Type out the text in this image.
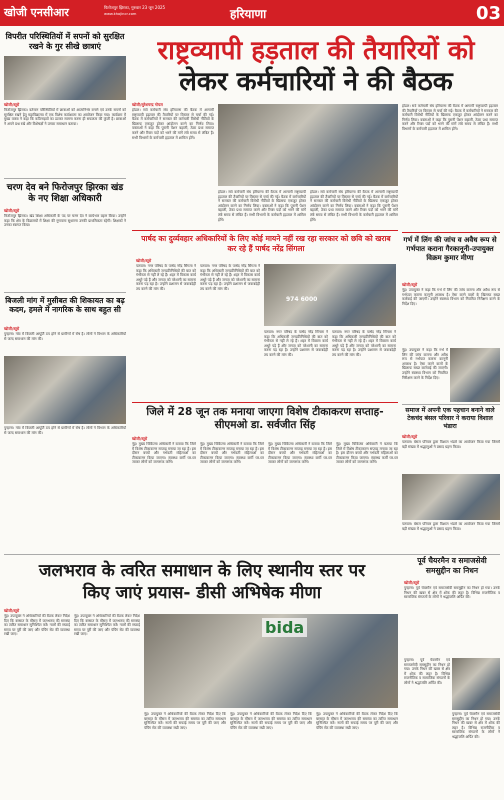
खोजी एनसीआर	फिरोजपुर झिरका, गुरुवार 23 जून 2025
www.khojincr.com	हरियाणा	03
विपरीत परिस्थितियों में सपनों को सुरक्षित रखने के गुर सीखे छात्राएं
खोजी/ब्यूरो
फिरोजपुर झिरका। वर्तमान परिस्थितियों में छात्राओं को आत्मनिर्भर बनाने एवं उनके सपनों को सुरक्षित रखने हेतु महाविद्यालय में एक विशेष कार्यशाला का आयोजन किया गया। कार्यक्रम में मुख्य वक्ता ने कहा कि कठिनाइयों का डटकर सामना करना ही सफलता की कुंजी है। छात्राओं ने अपने प्रश्न रखे और विशेषज्ञों ने उनका समाधान बताया।
चरण देव बने फिरोजपुर झिरका खंड के नए शिक्षा अधिकारी
खोजी/ब्यूरो
फिरोजपुर झिरका। खंड शिक्षा अधिकारी के पद पर चरण देव ने कार्यभार ग्रहण किया। उन्होंने कहा कि क्षेत्र के विद्यालयों में शिक्षा की गुणवत्ता सुधारना उनकी प्राथमिकता रहेगी। शिक्षकों ने उनका स्वागत किया।
बिजली मांग में मुसीबत की शिकायत का बढ़ कदम, हमले में नागरिक के साथ बहुत सी
खोजी/ब्यूरो
पुन्हाना। गांव में बिजली आपूर्ति ठप होने से ग्रामीणों में रोष है। लोगों ने विभाग के अधिकारियों से जल्द समाधान की मांग की।
पुन्हाना। गांव में बिजली आपूर्ति ठप होने से ग्रामीणों में रोष है। लोगों ने विभाग के अधिकारियों से जल्द समाधान की मांग की।
राष्ट्रव्यापी हड़ताल की तैयारियों को
लेकर कर्मचारियों ने की बैठक
खोजी/सुरेशचन्द्र गोयल
होडल। सर्व कर्मचारी संघ हरियाणा की बैठक में आगामी राष्ट्रव्यापी हड़ताल की तैयारियों पर विस्तार से चर्चा की गई। बैठक में कर्मचारियों ने सरकार की कर्मचारी विरोधी नीतियों के खिलाफ एकजुट होकर आंदोलन करने का निर्णय लिया। वक्ताओं ने कहा कि पुरानी पेंशन बहाली, ठेका प्रथा समाप्त करने और रिक्त पदों को भरने की मांगें लंबे समय से लंबित हैं। सभी विभागों के कर्मचारी हड़ताल में शामिल होंगे।
होडल। सर्व कर्मचारी संघ हरियाणा की बैठक में आगामी राष्ट्रव्यापी हड़ताल की तैयारियों पर विस्तार से चर्चा की गई। बैठक में कर्मचारियों ने सरकार की कर्मचारी विरोधी नीतियों के खिलाफ एकजुट होकर आंदोलन करने का निर्णय लिया। वक्ताओं ने कहा कि पुरानी पेंशन बहाली, ठेका प्रथा समाप्त करने और रिक्त पदों को भरने की मांगें लंबे समय से लंबित हैं। सभी विभागों के कर्मचारी हड़ताल में शामिल होंगे।
होडल। सर्व कर्मचारी संघ हरियाणा की बैठक में आगामी राष्ट्रव्यापी हड़ताल की तैयारियों पर विस्तार से चर्चा की गई। बैठक में कर्मचारियों ने सरकार की कर्मचारी विरोधी नीतियों के खिलाफ एकजुट होकर आंदोलन करने का निर्णय लिया। वक्ताओं ने कहा कि पुरानी पेंशन बहाली, ठेका प्रथा समाप्त करने और रिक्त पदों को भरने की मांगें लंबे समय से लंबित हैं। सभी विभागों के कर्मचारी हड़ताल में शामिल होंगे।
होडल। सर्व कर्मचारी संघ हरियाणा की बैठक में आगामी राष्ट्रव्यापी हड़ताल की तैयारियों पर विस्तार से चर्चा की गई। बैठक में कर्मचारियों ने सरकार की कर्मचारी विरोधी नीतियों के खिलाफ एकजुट होकर आंदोलन करने का निर्णय लिया। वक्ताओं ने कहा कि पुरानी पेंशन बहाली, ठेका प्रथा समाप्त करने और रिक्त पदों को भरने की मांगें लंबे समय से लंबित हैं। सभी विभागों के कर्मचारी हड़ताल में शामिल होंगे।
पार्षद का दुर्व्यवहार अधिकारियों के लिए कोई मायने नहीं रख रहा सरकार को छवि को खराब कर रहे हैं पार्षद नरेंद्र सिंगला
खोजी/ब्यूरो
पलवल। नगर परिषद के पार्षद नरेंद्र सिंगला ने कहा कि अधिकारी जनप्रतिनिधियों की बात को गंभीरता से नहीं ले रहे हैं। शहर में विकास कार्य अधूरे पड़े हैं और जनता को परेशानी का सामना करना पड़ रहा है। उन्होंने प्रशासन से जवाबदेही तय करने की मांग की।
पलवल। नगर परिषद के पार्षद नरेंद्र सिंगला ने कहा कि अधिकारी जनप्रतिनिधियों की बात को गंभीरता से नहीं ले रहे हैं। शहर में विकास कार्य अधूरे पड़े हैं और जनता को परेशानी का सामना करना पड़ रहा है। उन्होंने प्रशासन से जवाबदेही तय करने की मांग की।
974 6000
पलवल। नगर परिषद के पार्षद नरेंद्र सिंगला ने कहा कि अधिकारी जनप्रतिनिधियों की बात को गंभीरता से नहीं ले रहे हैं। शहर में विकास कार्य अधूरे पड़े हैं और जनता को परेशानी का सामना करना पड़ रहा है। उन्होंने प्रशासन से जवाबदेही तय करने की मांग की।
पलवल। नगर परिषद के पार्षद नरेंद्र सिंगला ने कहा कि अधिकारी जनप्रतिनिधियों की बात को गंभीरता से नहीं ले रहे हैं। शहर में विकास कार्य अधूरे पड़े हैं और जनता को परेशानी का सामना करना पड़ रहा है। उन्होंने प्रशासन से जवाबदेही तय करने की मांग की।
गर्भ में लिंग की जांच व अवैध रूप से गर्भपात कराना गैरकानूनी-उपायुक्त विक्रम कुमार मीणा
खोजी/ब्यूरो
नूंह। उपायुक्त ने कहा कि गर्भ में लिंग की जांच कराना और अवैध रूप से गर्भपात कराना कानूनी अपराध है। ऐसा करने वालों के खिलाफ सख्त कार्रवाई की जाएगी। उन्होंने स्वास्थ्य विभाग को नियमित निरीक्षण करने के निर्देश दिए।
नूंह। उपायुक्त ने कहा कि गर्भ में लिंग की जांच कराना और अवैध रूप से गर्भपात कराना कानूनी अपराध है। ऐसा करने वालों के खिलाफ सख्त कार्रवाई की जाएगी। उन्होंने स्वास्थ्य विभाग को नियमित निरीक्षण करने के निर्देश दिए।
समाज में अपनी एक पहचान बनाने वाले टेकचंद बंसल परिवार ने कराया विशाल भंडारा
खोजी/ब्यूरो
पलवल। बंसल परिवार द्वारा विशाल भंडारे का आयोजन किया गया जिसमें बड़ी संख्या में श्रद्धालुओं ने प्रसाद ग्रहण किया।
पलवल। बंसल परिवार द्वारा विशाल भंडारे का आयोजन किया गया जिसमें बड़ी संख्या में श्रद्धालुओं ने प्रसाद ग्रहण किया।
जिले में 28 जून तक मनाया जाएगा विशेष टीकाकरण सप्ताह-सीएमओ डा. सर्वजीत सिंह
खोजी/ब्यूरो
नूंह। मुख्य चिकित्सा अधिकारी ने बताया कि जिले में विशेष टीकाकरण सप्ताह मनाया जा रहा है। इस दौरान बच्चों और गर्भवती महिलाओं का टीकाकरण किया जाएगा। स्वास्थ्य कर्मी घर-घर जाकर लोगों को जागरूक करेंगे।
नूंह। मुख्य चिकित्सा अधिकारी ने बताया कि जिले में विशेष टीकाकरण सप्ताह मनाया जा रहा है। इस दौरान बच्चों और गर्भवती महिलाओं का टीकाकरण किया जाएगा। स्वास्थ्य कर्मी घर-घर जाकर लोगों को जागरूक करेंगे।
नूंह। मुख्य चिकित्सा अधिकारी ने बताया कि जिले में विशेष टीकाकरण सप्ताह मनाया जा रहा है। इस दौरान बच्चों और गर्भवती महिलाओं का टीकाकरण किया जाएगा। स्वास्थ्य कर्मी घर-घर जाकर लोगों को जागरूक करेंगे।
नूंह। मुख्य चिकित्सा अधिकारी ने बताया कि जिले में विशेष टीकाकरण सप्ताह मनाया जा रहा है। इस दौरान बच्चों और गर्भवती महिलाओं का टीकाकरण किया जाएगा। स्वास्थ्य कर्मी घर-घर जाकर लोगों को जागरूक करेंगे।
जलभराव के त्वरित समाधान के लिए स्थानीय स्तर पर
किए जाएं प्रयास- डीसी अभिषेक मीणा
खोजी/ब्यूरो
नूंह। उपायुक्त ने अधिकारियों की बैठक लेकर निर्देश दिए कि बरसात के मौसम में जलभराव की समस्या का त्वरित समाधान सुनिश्चित करें। नालों की सफाई समय पर पूरी की जाए और पंपिंग सेट की व्यवस्था रखी जाए।
नूंह। उपायुक्त ने अधिकारियों की बैठक लेकर निर्देश दिए कि बरसात के मौसम में जलभराव की समस्या का त्वरित समाधान सुनिश्चित करें। नालों की सफाई समय पर पूरी की जाए और पंपिंग सेट की व्यवस्था रखी जाए।	bida
नूंह। उपायुक्त ने अधिकारियों की बैठक लेकर निर्देश दिए कि बरसात के मौसम में जलभराव की समस्या का त्वरित समाधान सुनिश्चित करें। नालों की सफाई समय पर पूरी की जाए और पंपिंग सेट की व्यवस्था रखी जाए।
नूंह। उपायुक्त ने अधिकारियों की बैठक लेकर निर्देश दिए कि बरसात के मौसम में जलभराव की समस्या का त्वरित समाधान सुनिश्चित करें। नालों की सफाई समय पर पूरी की जाए और पंपिंग सेट की व्यवस्था रखी जाए।
नूंह। उपायुक्त ने अधिकारियों की बैठक लेकर निर्देश दिए कि बरसात के मौसम में जलभराव की समस्या का त्वरित समाधान सुनिश्चित करें। नालों की सफाई समय पर पूरी की जाए और पंपिंग सेट की व्यवस्था रखी जाए।
पूर्व चैयरमैन व समाजसेवी समसुद्दीन का निधन
खोजी/ब्यूरो
पुन्हाना। पूर्व चेयरमैन एवं समाजसेवी समसुद्दीन का निधन हो गया। उनके निधन की खबर से क्षेत्र में शोक की लहर है। विभिन्न राजनीतिक व सामाजिक संगठनों के लोगों ने श्रद्धांजलि अर्पित की।
पुन्हाना। पूर्व चेयरमैन एवं समाजसेवी समसुद्दीन का निधन हो गया। उनके निधन की खबर से क्षेत्र में शोक की लहर है। विभिन्न राजनीतिक व सामाजिक संगठनों के लोगों ने श्रद्धांजलि अर्पित की।
पुन्हाना। पूर्व चेयरमैन एवं समाजसेवी समसुद्दीन का निधन हो गया। उनके निधन की खबर से क्षेत्र में शोक की लहर है। विभिन्न राजनीतिक व सामाजिक संगठनों के लोगों ने श्रद्धांजलि अर्पित की।
